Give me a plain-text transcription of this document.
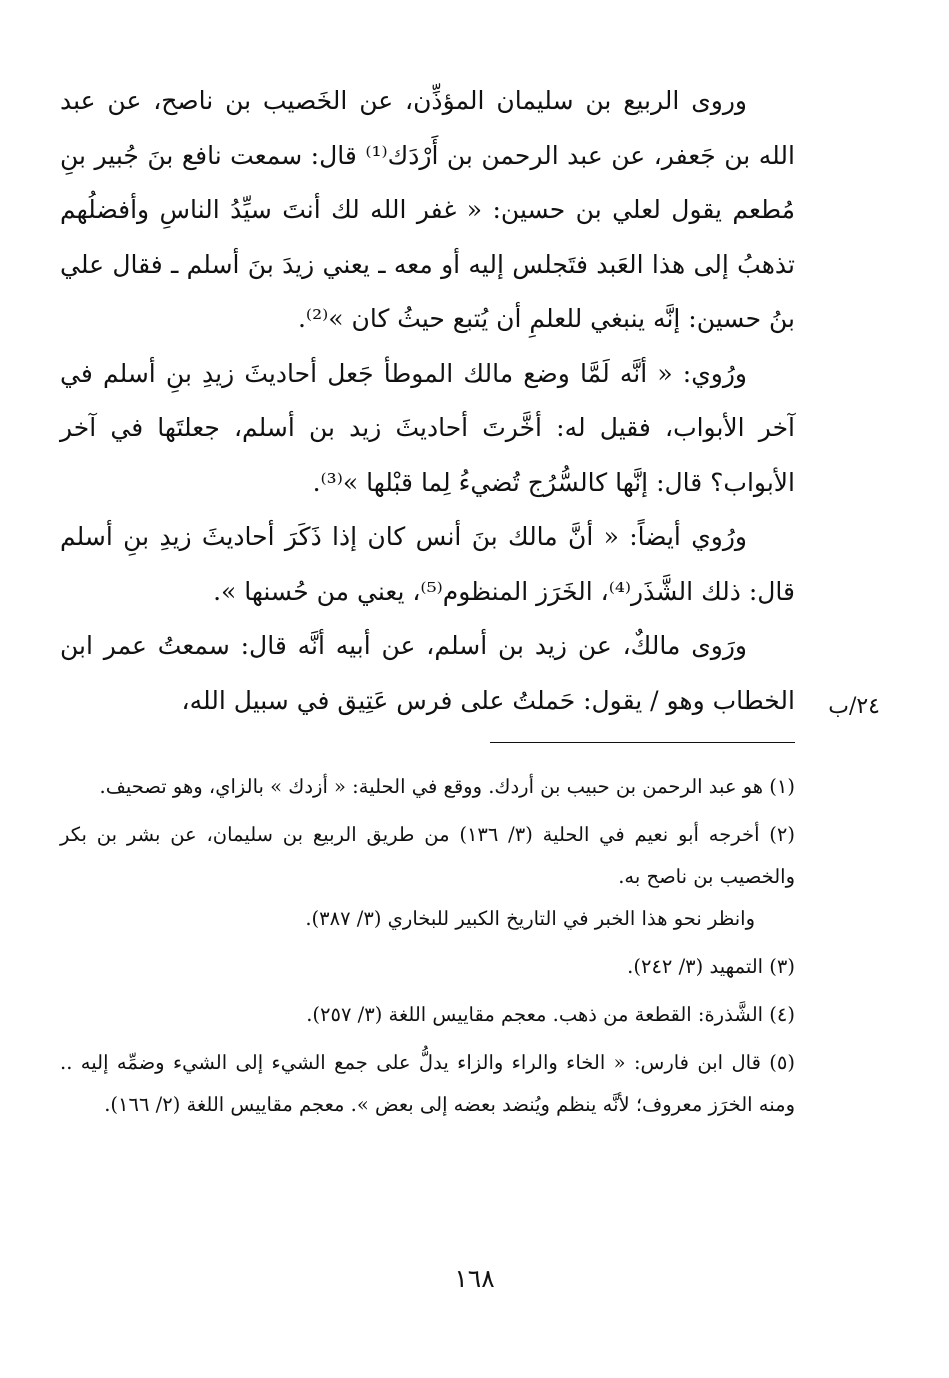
وروى الربيع بن سليمان المؤذِّن، عن الخَصيب بن ناصح، عن عبد الله بن جَعفر، عن عبد الرحمن بن أَرْدَك⁽¹⁾ قال: سمعت نافع بنَ جُبير بنِ مُطعم يقول لعلي بن حسين: « غفر الله لك أنتَ سيِّدُ الناسِ وأفضلُهم تذهبُ إلى هذا العَبد فتَجلس إليه أو معه ـ يعني زيدَ بنَ أسلم ـ فقال علي بنُ حسين: إنَّه ينبغي للعلمِ أن يُتبع حيثُ كان »⁽²⁾.

ورُوي: « أنَّه لَمَّا وضع مالك الموطأ جَعل أحاديثَ زيدِ بنِ أسلم في آخر الأبواب، فقيل له: أخَّرتَ أحاديثَ زيد بن أسلم، جعلتَها في آخر الأبواب؟ قال: إنَّها كالسُّرُج تُضيءُ لِما قبْلها »⁽³⁾.

ورُوي أيضاً: « أنَّ مالك بنَ أنس كان إذا ذَكَرَ أحاديثَ زيدِ بنِ أسلم قال: ذلك الشَّذَر⁽⁴⁾، الخَرَز المنظوم⁽⁵⁾، يعني من حُسنها ».

ورَوى مالكٌ، عن زيد بن أسلم، عن أبيه أنَّه قال: سمعتُ عمر ابن الخطاب وهو / يقول: حَملتُ على فرس عَتِيق في سبيل الله،	٢٤/ب

(١) هو عبد الرحمن بن حبيب بن أردك. ووقع في الحلية: « أزدك » بالزاي، وهو تصحيف.

(٢) أخرجه أبو نعيم في الحلية (٣/ ١٣٦) من طريق الربيع بن سليمان، عن بشر بن بكر والخصيب بن ناصح به.

وانظر نحو هذا الخبر في التاريخ الكبير للبخاري (٣/ ٣٨٧).

(٣) التمهيد (٣/ ٢٤٢).

(٤) الشَّذرة: القطعة من ذهب. معجم مقاييس اللغة (٣/ ٢٥٧).

(٥) قال ابن فارس: « الخاء والراء والزاء يدلُّ على جمع الشيء إلى الشيء وضمِّه إليه .. ومنه الخرَز معروف؛ لأنَّه ينظم ويُنضد بعضه إلى بعض ». معجم مقاييس اللغة (٢/ ١٦٦).

١٦٨
